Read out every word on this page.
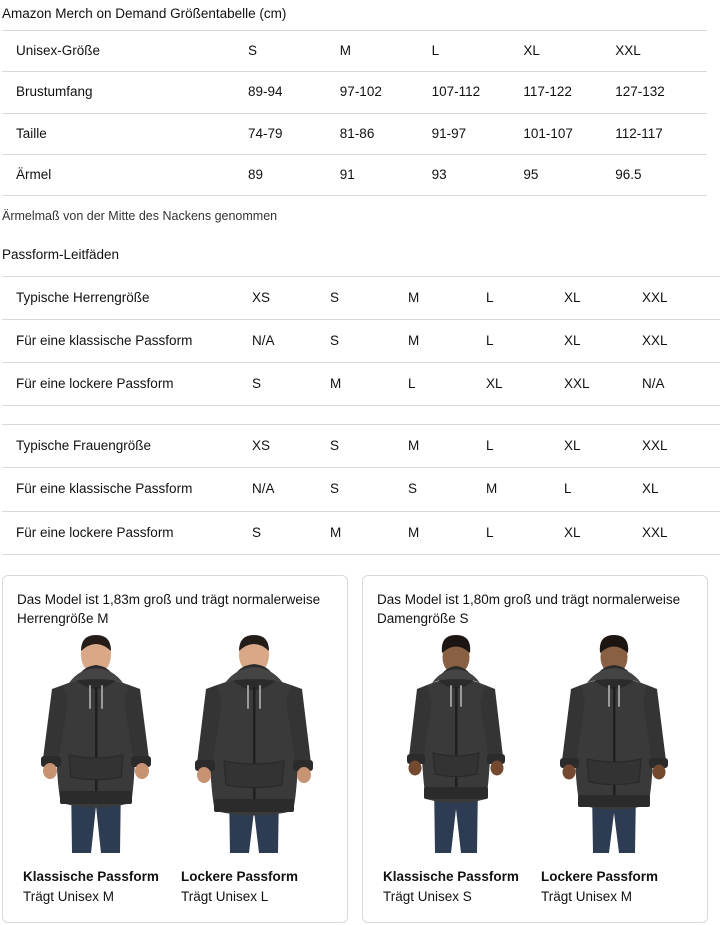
Amazon Merch on Demand Größentabelle (cm)
Unisex-Größe	S	M	L	XL	XXL
Brustumfang	89-94	97-102	107-112	117-122	127-132
Taille	74-79	81-86	91-97	101-107	112-117
Ärmel	89	91	93	95	96.5
Ärmelmaß von der Mitte des Nackens genommen
Passform-Leitfäden
Typische Herrengröße	XS	S	M	L	XL	XXL
Für eine klassische Passform	N/A	S	M	L	XL	XXL
Für eine lockere Passform	S	M	L	XL	XXL	N/A
Typische Frauengröße	XS	S	M	L	XL	XXL
Für eine klassische Passform	N/A	S	S	M	L	XL
Für eine lockere Passform	S	M	M	L	XL	XXL
Das Model ist 1,83m groß und trägt normalerweise Herrengröße M
Klassische Passform
Trägt Unisex M
Lockere Passform
Trägt Unisex L
Das Model ist 1,80m groß und trägt normalerweise Damengröße S
Klassische Passform
Trägt Unisex S
Lockere Passform
Trägt Unisex M
